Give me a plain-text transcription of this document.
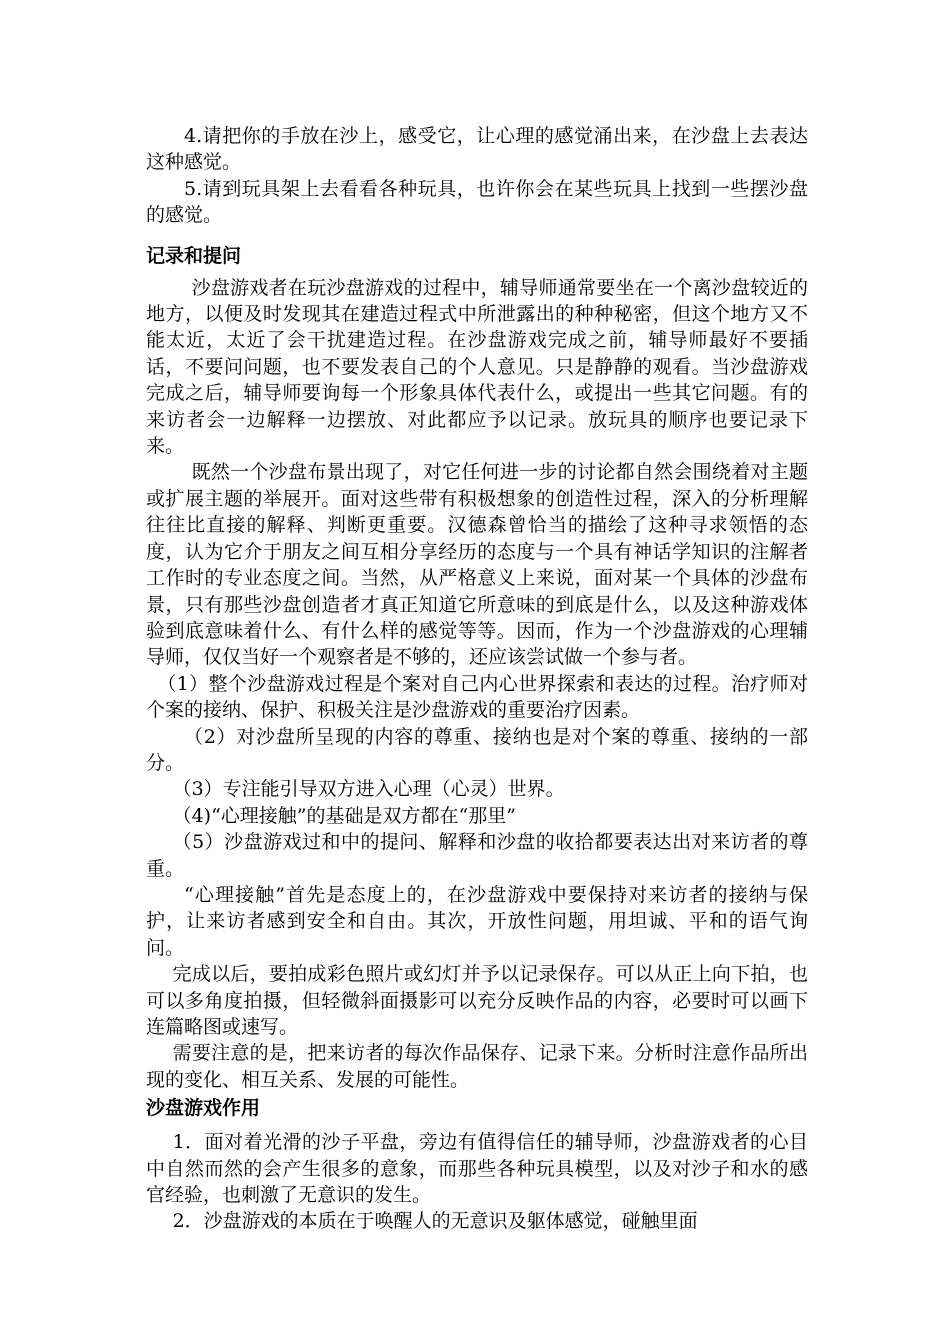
4.请把你的手放在沙上，感受它，让心理的感觉涌出来，在沙盘上去表达这种感觉。

5.请到玩具架上去看看各种玩具，也许你会在某些玩具上找到一些摆沙盘的感觉。

记录和提问

沙盘游戏者在玩沙盘游戏的过程中，辅导师通常要坐在一个离沙盘较近的地方，以便及时发现其在建造过程式中所泄露出的种种秘密，但这个地方又不能太近，太近了会干扰建造过程。在沙盘游戏完成之前，辅导师最好不要插话，不要问问题，也不要发表自己的个人意见。只是静静的观看。当沙盘游戏完成之后，辅导师要询每一个形象具体代表什么，或提出一些其它问题。有的来访者会一边解释一边摆放、对此都应予以记录。放玩具的顺序也要记录下来。

既然一个沙盘布景出现了，对它任何进一步的讨论都自然会围绕着对主题或扩展主题的举展开。面对这些带有积极想象的创造性过程，深入的分析理解往往比直接的解释、判断更重要。汉德森曾恰当的描绘了这种寻求领悟的态度，认为它介于朋友之间互相分享经历的态度与一个具有神话学知识的注解者工作时的专业态度之间。当然，从严格意义上来说，面对某一个具体的沙盘布景，只有那些沙盘创造者才真正知道它所意味的到底是什么，以及这种游戏体验到底意味着什么、有什么样的感觉等等。因而，作为一个沙盘游戏的心理辅导师，仅仅当好一个观察者是不够的，还应该尝试做一个参与者。

（1）整个沙盘游戏过程是个案对自己内心世界探索和表达的过程。治疗师对个案的接纳、保护、积极关注是沙盘游戏的重要治疗因素。

（2）对沙盘所呈现的内容的尊重、接纳也是对个案的尊重、接纳的一部分。

（3）专注能引导双方进入心理（心灵）世界。

（4)“心理接触”的基础是双方都在“那里”

（5）沙盘游戏过和中的提问、解释和沙盘的收拾都要表达出对来访者的尊重。

“心理接触”首先是态度上的，在沙盘游戏中要保持对来访者的接纳与保护，让来访者感到安全和自由。其次，开放性问题，用坦诚、平和的语气询问。

完成以后，要拍成彩色照片或幻灯并予以记录保存。可以从正上向下拍，也可以多角度拍摄，但轻微斜面摄影可以充分反映作品的内容，必要时可以画下连篇略图或速写。

需要注意的是，把来访者的每次作品保存、记录下来。分析时注意作品所出现的变化、相互关系、发展的可能性。

沙盘游戏作用

1．面对着光滑的沙子平盘，旁边有值得信任的辅导师，沙盘游戏者的心目中自然而然的会产生很多的意象，而那些各种玩具模型，以及对沙子和水的感官经验，也刺激了无意识的发生。

2．沙盘游戏的本质在于唤醒人的无意识及躯体感觉，碰触里面
